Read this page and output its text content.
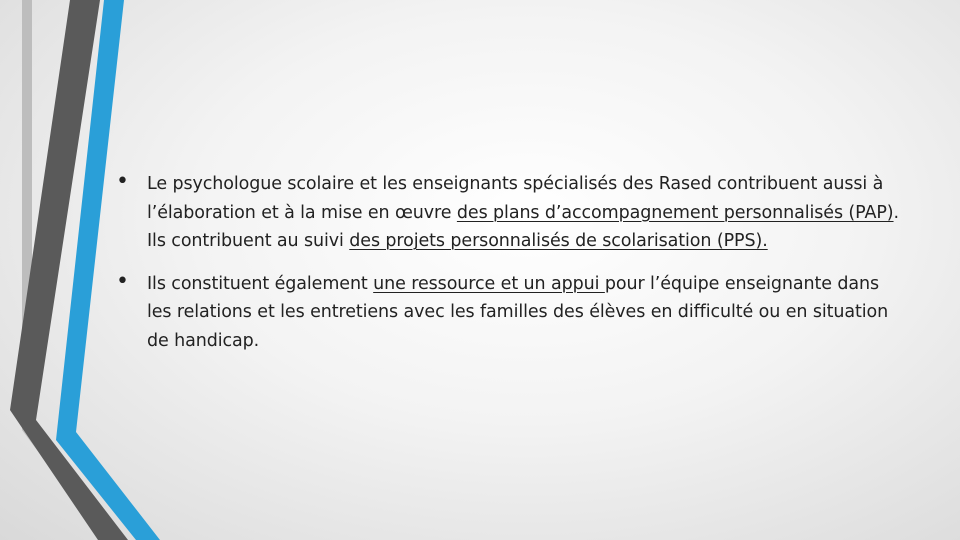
• Le psychologue scolaire et les enseignants spécialisés des Rased contribuent aussi à l’élaboration et à la mise en œuvre des plans d’accompagnement personnalisés (PAP). Ils contribuent au suivi des projets personnalisés de scolarisation (PPS).
• Ils constituent également une ressource et un appui pour l’équipe enseignante dans les relations et les entretiens avec les familles des élèves en difficulté ou en situation de handicap.
